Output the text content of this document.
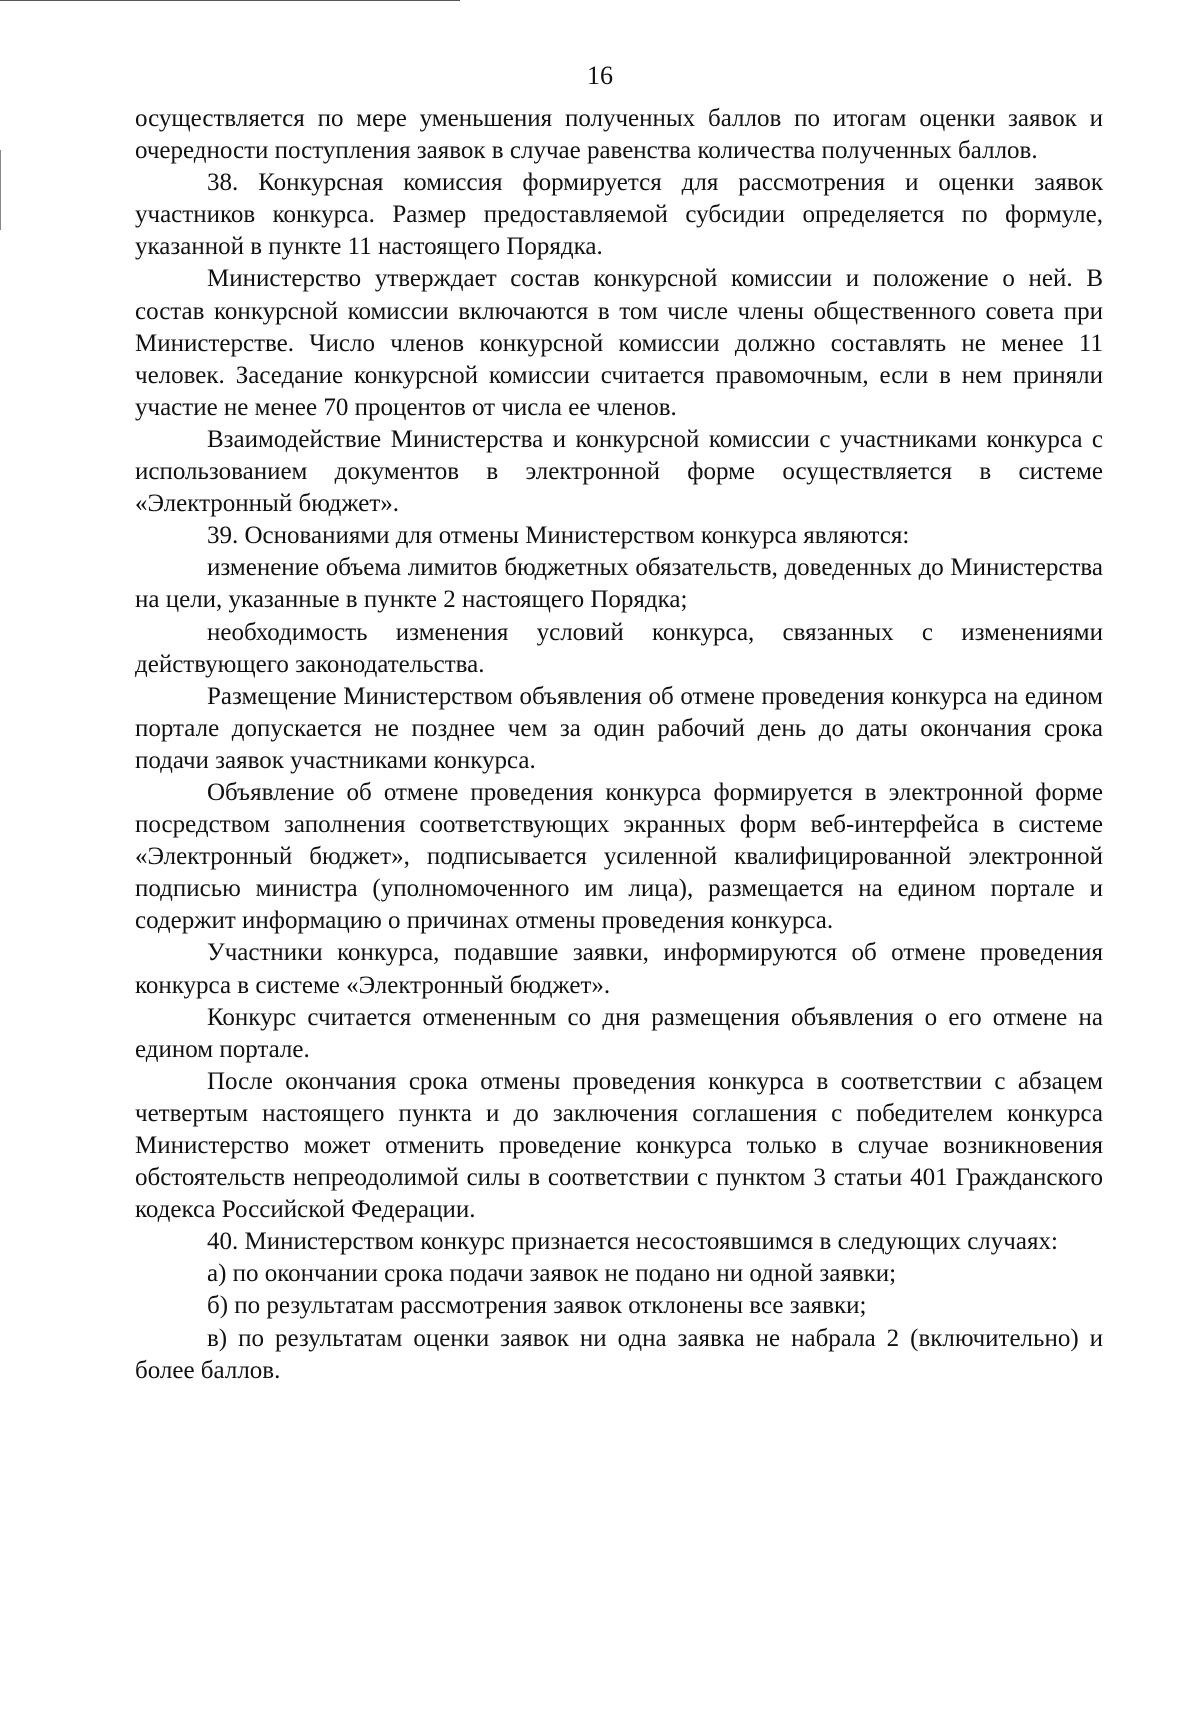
16

осуществляется по мере уменьшения полученных баллов по итогам оценки заявок и очередности поступления заявок в случае равенства количества полученных баллов.

38. Конкурсная комиссия формируется для рассмотрения и оценки заявок участников конкурса. Размер предоставляемой субсидии определяется по формуле, указанной в пункте 11 настоящего Порядка.

Министерство утверждает состав конкурсной комиссии и положение о ней. В состав конкурсной комиссии включаются в том числе члены общественного совета при Министерстве. Число членов конкурсной комиссии должно составлять не менее 11 человек. Заседание конкурсной комиссии считается правомочным, если в нем приняли участие не менее 70 процентов от числа ее членов.

Взаимодействие Министерства и конкурсной комиссии с участниками конкурса с использованием документов в электронной форме осуществляется в системе «Электронный бюджет».

39. Основаниями для отмены Министерством конкурса являются:

изменение объема лимитов бюджетных обязательств, доведенных до Министерства на цели, указанные в пункте 2 настоящего Порядка;

необходимость изменения условий конкурса, связанных с изменениями действующего законодательства.

Размещение Министерством объявления об отмене проведения конкурса на едином портале допускается не позднее чем за один рабочий день до даты окончания срока подачи заявок участниками конкурса.

Объявление об отмене проведения конкурса формируется в электронной форме посредством заполнения соответствующих экранных форм веб-интерфейса в системе «Электронный бюджет», подписывается усиленной квалифицированной электронной подписью министра (уполномоченного им лица), размещается на едином портале и содержит информацию о причинах отмены проведения конкурса.

Участники конкурса, подавшие заявки, информируются об отмене проведения конкурса в системе «Электронный бюджет».

Конкурс считается отмененным со дня размещения объявления о его отмене на едином портале.

После окончания срока отмены проведения конкурса в соответствии с абзацем четвертым настоящего пункта и до заключения соглашения с победителем конкурса Министерство может отменить проведение конкурса только в случае возникновения обстоятельств непреодолимой силы в соответствии с пунктом 3 статьи 401 Гражданского кодекса Российской Федерации.

40. Министерством конкурс признается несостоявшимся в следующих случаях:

а) по окончании срока подачи заявок не подано ни одной заявки;

б) по результатам рассмотрения заявок отклонены все заявки;

в) по результатам оценки заявок ни одна заявка не набрала 2 (включительно) и более баллов.
